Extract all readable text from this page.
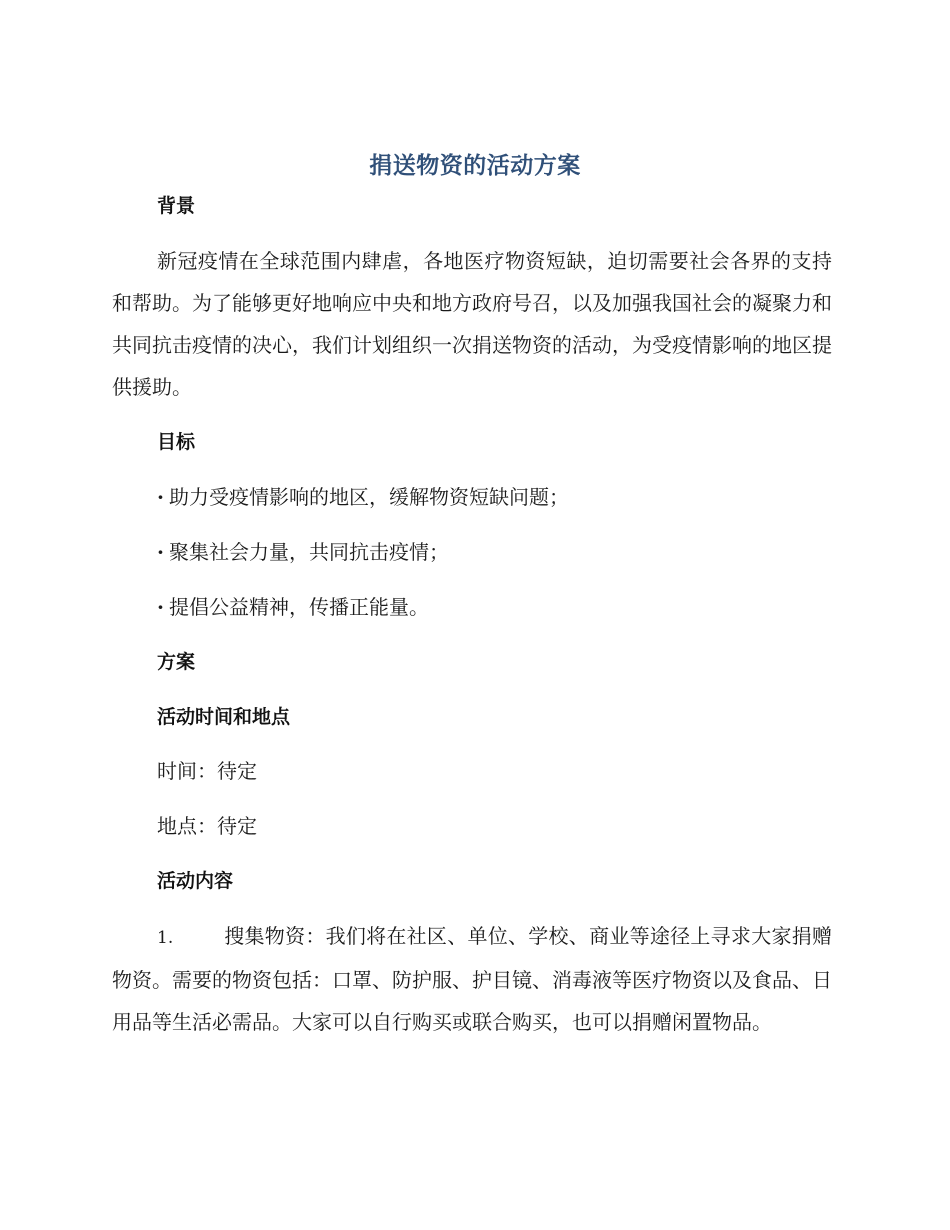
捐送物资的活动方案
背景

新冠疫情在全球范围内肆虐，各地医疗物资短缺，迫切需要社会各界的支持和帮助。为了能够更好地响应中央和地方政府号召，以及加强我国社会的凝聚力和共同抗击疫情的决心，我们计划组织一次捐送物资的活动，为受疫情影响的地区提供援助。

目标

· 助力受疫情影响的地区，缓解物资短缺问题；

· 聚集社会力量，共同抗击疫情；

· 提倡公益精神，传播正能量。

方案
活动时间和地点

时间：待定

地点：待定

活动内容

1.	搜集物资：我们将在社区、单位、学校、商业等途径上寻求大家捐赠物资。需要的物资包括：口罩、防护服、护目镜、消毒液等医疗物资以及食品、日用品等生活必需品。大家可以自行购买或联合购买，也可以捐赠闲置物品。
